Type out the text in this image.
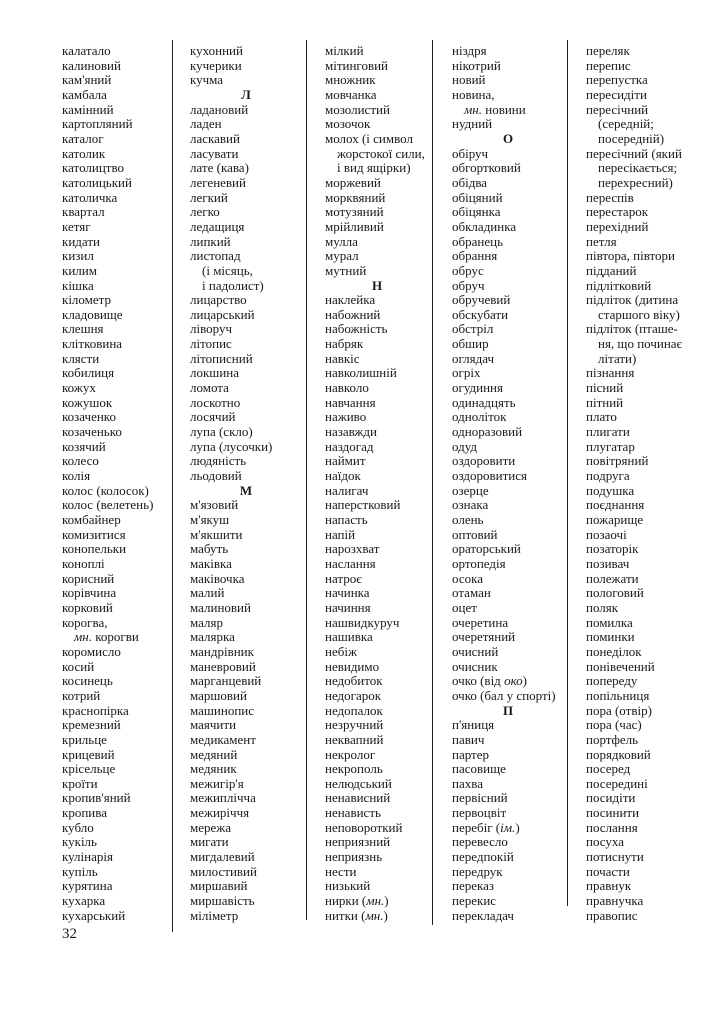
калатало
калиновий
кам'яний
камбала
камінний
картопляний
каталог
католик
католицтво
католицький
католичка
квартал
кетяг
кидати
кизил
килим
кішка
кілометр
кладовище
клешня
клітковина
клясти
кобилиця
кожух
кожушок
козаченко
козаченько
козячий
колесо
колія
колос (колосок)
колос (велетень)
комбайнер
комизитися
конопельки
коноплі
корисний
корівчина
корковий
корогва,
мн. корогви
коромисло
косий
косинець
котрий
краснопірка
кремезний
крильце
крицевий
крісельце
кроїти
кропив'яний
кропива
кубло
кукіль
кулінарія
купіль
курятина
кухарка
кухарський
кухонний
кучерики
кучма
Л
ладановий
ладен
ласкавий
ласувати
лате (кава)
легеневий
легкий
легко
ледащиця
липкий
листопад
(і місяць,
і падолист)
лицарство
лицарський
ліворуч
літопис
літописний
локшина
ломота
лоскотно
лосячий
лупа (скло)
лупа (лусочки)
людяність
льодовий
М
м'язовий
м'якуш
м'якшити
мабуть
маківка
маківочка
малий
малиновий
маляр
малярка
мандрівник
маневровий
марганцевий
маршовий
машинопис
маячити
медикамент
медяний
медяник
межигір'я
межиплічча
межиріччя
мережа
мигати
мигдалевий
милостивий
миршавий
миршавість
міліметр
мілкий
мітинговий
множник
мовчанка
мозолистий
мозочок
молох (і символ
жорстокої сили,
і вид ящірки)
моржевий
морквяний
мотузяний
мрійливий
мулла
мурал
мутний
Н
наклейка
набожний
набожність
набряк
навкіс
навколишній
навколо
навчання
наживо
назавжди
наздогад
наймит
наїдок
налигач
наперстковий
напасть
напій
нарозхват
наслання
натроє
начинка
начиння
нашвидкуруч
нашивка
небіж
невидимо
недобиток
недогарок
недопалок
незручний
неквапний
некролог
некрополь
нелюдський
ненависний
ненависть
неповороткий
неприязний
неприязнь
нести
низький
нирки (мн.)
нитки (мн.)
ніздря
нікотрий
новий
новина,
мн. новини
нудний
О
обіруч
обгортковий
обідва
обіцяний
обіцянка
обкладинка
обранець
обрання
обрус
обруч
обручевий
обскубати
обстріл
обшир
оглядач
огріх
огудиння
одинадцять
одноліток
одноразовий
одуд
оздоровити
оздоровитися
озерце
ознака
олень
оптовий
ораторський
ортопедія
осока
отаман
оцет
очеретина
очеретяний
очисний
очисник
очко (від око)
очко (бал у спорті)
П
п'яниця
павич
партер
пасовище
пахва
первісний
первоцвіт
перебіг (ім.)
перевесло
передпокій
передрук
переказ
перекис
перекладач
переляк
перепис
перепустка
пересидіти
пересічний
(середній;
посередній)
пересічний (який
пересікається;
перехресний)
переспів
перестарок
перехідний
петля
півтора, півтори
підданий
підлітковий
підліток (дитина
старшого віку)
підліток (пташе-
ня, що починає
літати)
пізнання
пісний
пітний
плато
плигати
плугатар
повітряний
подруга
подушка
поєднання
пожарище
позаочі
позаторік
позивач
полежати
пологовий
поляк
помилка
поминки
понеділок
понівечений
попереду
попільниця
пора (отвір)
пора (час)
портфель
порядковий
посеред
посередині
посидіти
посинити
послання
посуха
потиснути
почасти
правнук
правнучка
правопис
32
